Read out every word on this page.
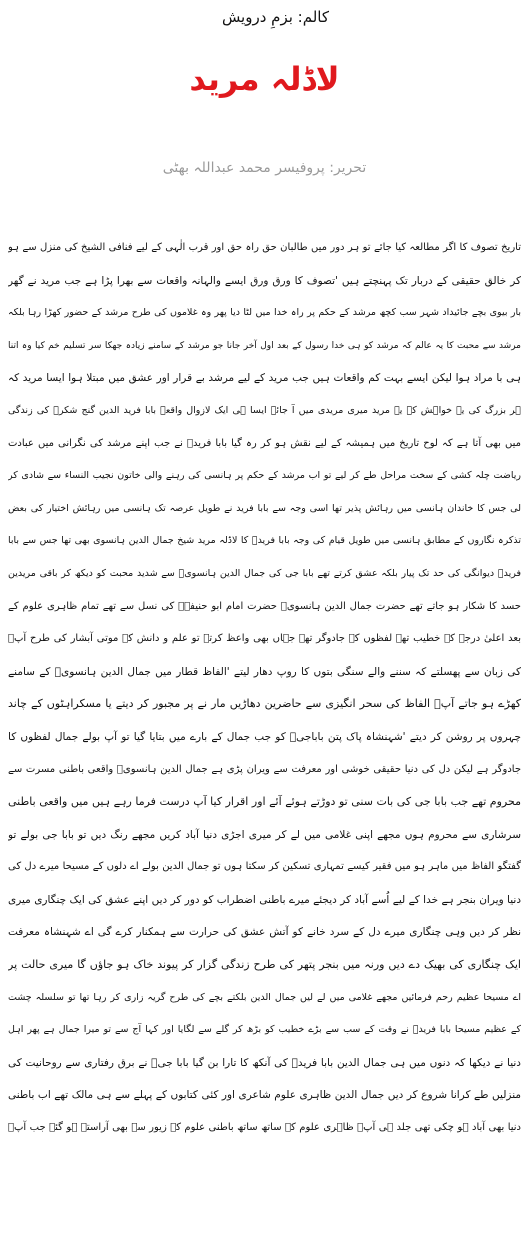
کالم: بزمِ درویش
لاڈلہ مرید
تحریر: پروفیسر محمد عبداللہ بھٹی
تاریخ تصوف کا اگر مطالعہ کیا جائے تو ہر دور میں طالبان حق راہ حق اور قرب الٰہی کے لیے فنافی الشیخ کی منزل سے ہو
کر خالق حقیقی کے دربار تک پہنچتے ہیں 'تصوف کا ورق ورق ایسے والہانہ واقعات سے بھرا پڑا ہے جب مرید نے گھر
بار بیوی بچے جائیداد شہر سب کچھ مرشد کے حکم پر راہ خدا میں لٹا دیا پھر وہ غلاموں کی طرح مرشد کے حضور کھڑا رہا بلکہ
مرشد سے محبت کا یہ عالم کہ مرشد کو ہی خدا رسول کے بعد اول آخر جانا جو مرشد کے سامنے زیادہ جھکا سر تسلیم خم کیا وہ اتنا
ہی با مراد ہوا لیکن ایسے بہت کم واقعات ہیں جب مرید کے لیے مرشد بے قرار اور عشق میں مبتلا ہوا ایسا مرید کہ
ہر بزرگ کی یہ خواہش کہ یہ مرید میری مریدی میں آ جائے ایسا ہی ایک لازوال واقعہ بابا فرید الدین گنج شکرؒ کی زندگی
میں بھی آتا ہے کہ لوح تاریخ میں ہمیشہ کے لیے نقش ہو کر رہ گیا بابا فریدؒ نے جب اپنے مرشد کی نگرانی میں عبادت
ریاضت چلہ کشی کے سخت مراحل طے کر لیے تو اب مرشد کے حکم پر ہانسی کی رہنے والی خاتون نجیب النساء سے شادی کر
لی جس کا خاندان ہانسی میں رہائش پذیر تھا اسی وجہ سے بابا فرید نے طویل عرصہ تک ہانسی میں رہائش اختیار کی بعض
تذکرہ نگاروں کے مطابق ہانسی میں طویل قیام کی وجہ بابا فریدؒ کا لاڈلہ مرید شیخ جمال الدین ہانسوی بھی تھا جس سے بابا
فریدؒ دیوانگی کی حد تک پیار بلکہ عشق کرتے تھے بابا جی کی جمال الدین ہانسویؒ سے شدید محبت کو دیکھ کر باقی مریدین
حسد کا شکار ہو جاتے تھے حضرت جمال الدین ہانسویؒ حضرت امام ابو حنیفہؒ کی نسل سے تھے تمام ظاہری علوم کے
بعد اعلیٰ درجے کے خطیب تھے لفظوں کے جادوگر تھے جہاں بھی واعظ کرتے تو علم و دانش کے موتی آبشار کی طرح آپؒ
کی زبان سے پھسلتے کہ سننے والے سنگی بتوں کا روپ دھار لیتے 'الفاظ قطار میں جمال الدین ہانسویؒ کے سامنے
کھڑے ہو جاتے آپؒ الفاظ کی سحر انگیزی سے حاضرین دھاڑیں مار نے پر مجبور کر دیتے یا مسکراہٹوں کے چاند
چہروں پر روشن کر دیتے 'شہنشاہ پاک پتن باباجیؒ کو جب جمال کے بارے میں بتایا گیا تو آپ بولے جمال لفظوں کا
جادوگر ہے لیکن دل کی دنیا حقیقی خوشی اور معرفت سے ویران پڑی ہے جمال الدین ہانسویؒ واقعی باطنی مسرت سے
محروم تھے جب بابا جی کی بات سنی تو دوڑتے ہوئے آئے اور اقرار کیا آپ درست فرما رہے ہیں میں واقعی باطنی
سرشاری سے محروم ہوں مجھے اپنی غلامی میں لے کر میری اجڑی دنیا آباد کریں مجھے رنگ دیں تو بابا جی بولے تو
گفتگو الفاظ میں ماہر ہو میں فقیر کیسے تمہاری تسکین کر سکتا ہوں تو جمال الدین بولے اے دلوں کے مسیحا میرے دل کی
دنیا ویران بنجر ہے خدا کے لیے اُسے آباد کر دیجئے میرے باطنی اضطراب کو دور کر دیں اپنے عشق کی ایک چنگاری میری
نظر کر دیں وہی چنگاری میرے دل کے سرد خانے کو آتش عشق کی حرارت سے ہمکنار کرے گی اے شہنشاہ معرفت
ایک چنگاری کی بھیک دے دیں ورنہ میں بنجر پتھر کی طرح زندگی گزار کر پیوند خاک ہو جاؤں گا میری حالت پر
اے مسیحا عظیم رحم فرمائیں مجھے غلامی میں لے لیں جمال الدین بلکتے بچے کی طرح گریہ زاری کر رہا تھا تو سلسلہ چشت
کے عظیم مسیحا بابا فریدؒ نے وقت کے سب سے بڑے خطیب کو بڑھ کر گلے سے لگایا اور کہا آج سے تو میرا جمال ہے پھر اہل
دنیا نے دیکھا کہ دنوں میں ہی جمال الدین بابا فریدؒ کی آنکھ کا تارا بن گیا بابا جیؒ نے برق رفتاری سے روحانیت کی
منزلیں طے کرانا شروع کر دیں جمال الدین ظاہری علوم شاعری اور کئی کتابوں کے پہلے سے ہی مالک تھے اب باطنی
دنیا بھی آباد ہو چکی تھی جلد ہی آپؒ ظاہری علوم کے ساتھ ساتھ باطنی علوم کے زیور سے بھی آراستہ ہو گئے جب آپؒ
